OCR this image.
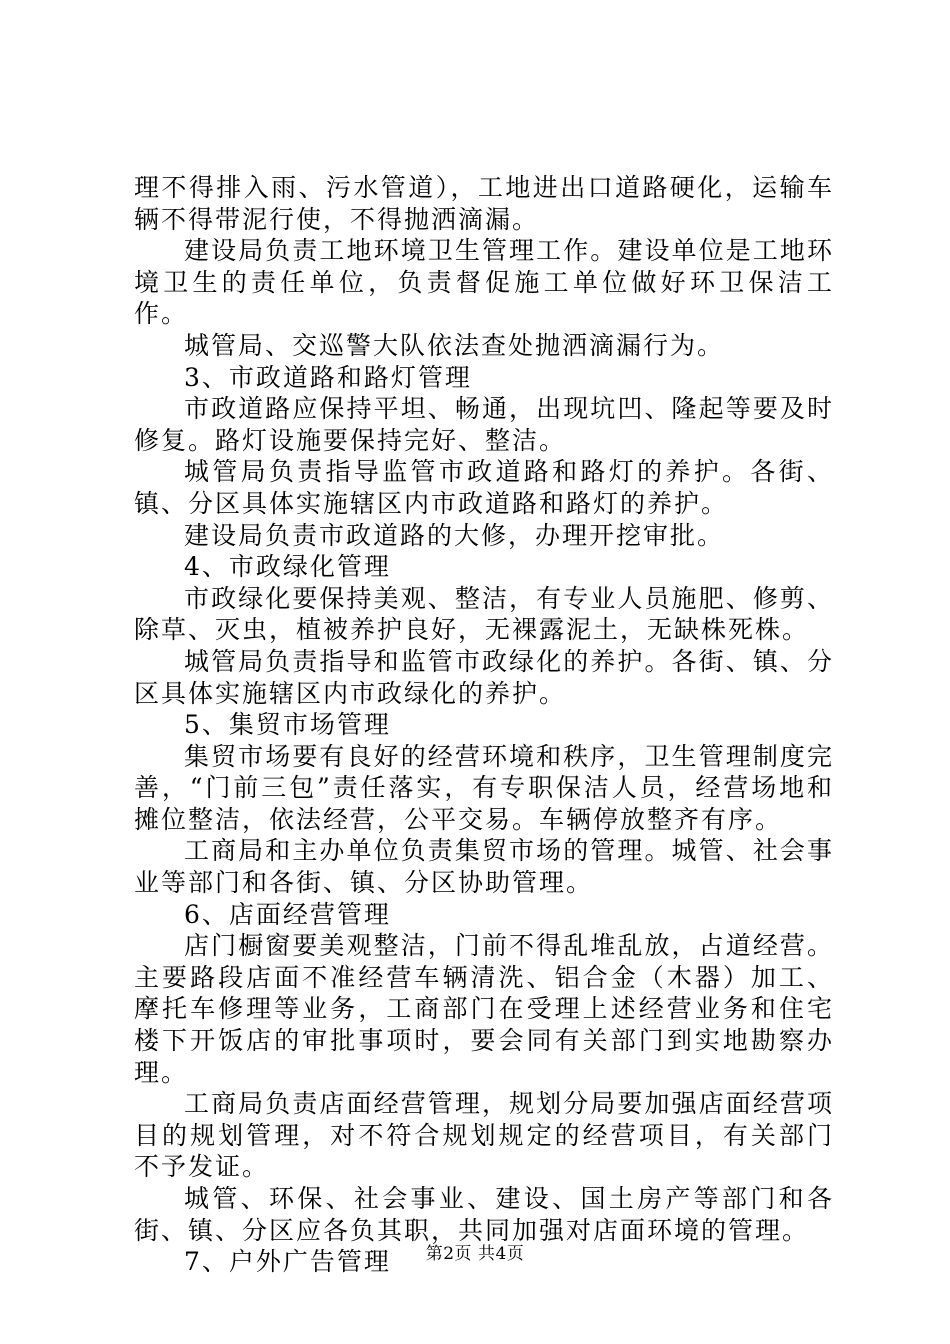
理不得排入雨、污水管道），工地进出口道路硬化，运输车辆不得带泥行使，不得抛洒滴漏。

建设局负责工地环境卫生管理工作。建设单位是工地环境卫生的责任单位，负责督促施工单位做好环卫保洁工作。

城管局、交巡警大队依法查处抛洒滴漏行为。

3、市政道路和路灯管理

市政道路应保持平坦、畅通，出现坑凹、隆起等要及时修复。路灯设施要保持完好、整洁。

城管局负责指导监管市政道路和路灯的养护。各街、镇、分区具体实施辖区内市政道路和路灯的养护。

建设局负责市政道路的大修，办理开挖审批。

4、市政绿化管理

市政绿化要保持美观、整洁，有专业人员施肥、修剪、除草、灭虫，植被养护良好，无裸露泥土，无缺株死株。

城管局负责指导和监管市政绿化的养护。各街、镇、分区具体实施辖区内市政绿化的养护。

5、集贸市场管理

集贸市场要有良好的经营环境和秩序，卫生管理制度完善，“门前三包”责任落实，有专职保洁人员，经营场地和摊位整洁，依法经营，公平交易。车辆停放整齐有序。

工商局和主办单位负责集贸市场的管理。城管、社会事业等部门和各街、镇、分区协助管理。

6、店面经营管理

店门橱窗要美观整洁，门前不得乱堆乱放，占道经营。主要路段店面不准经营车辆清洗、铝合金（木器）加工、摩托车修理等业务，工商部门在受理上述经营业务和住宅楼下开饭店的审批事项时，要会同有关部门到实地勘察办理。

工商局负责店面经营管理，规划分局要加强店面经营项目的规划管理，对不符合规划规定的经营项目，有关部门不予发证。

城管、环保、社会事业、建设、国土房产等部门和各街、镇、分区应各负其职，共同加强对店面环境的管理。

7、户外广告管理	第2页 共4页
